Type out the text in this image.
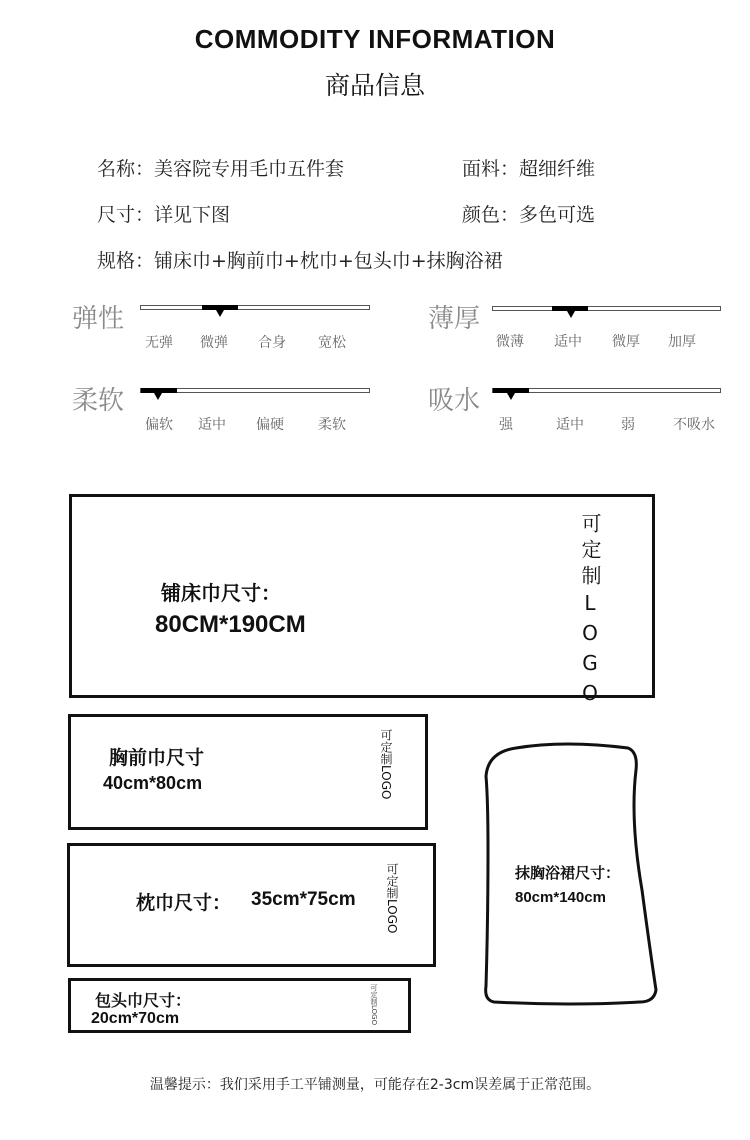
COMMODITY INFORMATION
商品信息
名称：美容院专用毛巾五件套	面料：超细纤维
尺寸：详见下图	颜色：多色可选
规格：铺床巾+胸前巾+枕巾+包头巾+抹胸浴裙
弹性
无弹 微弹 合身 宽松
薄厚
微薄 适中 微厚 加厚
柔软
偏软 适中 偏硬 柔软
吸水
强	适中	弱	不吸水
铺床巾尺寸：
80CM*190CM	可定制LOGO
胸前巾尺寸
40cm*80cm	可定制LOGO
枕巾尺寸： 35cm*75cm 可定制LOGO
包头巾尺寸：
20cm*70cm	可定制LOGO
抹胸浴裙尺寸：
80cm*140cm
温馨提示：我们采用手工平铺测量，可能存在2-3cm误差属于正常范围。
